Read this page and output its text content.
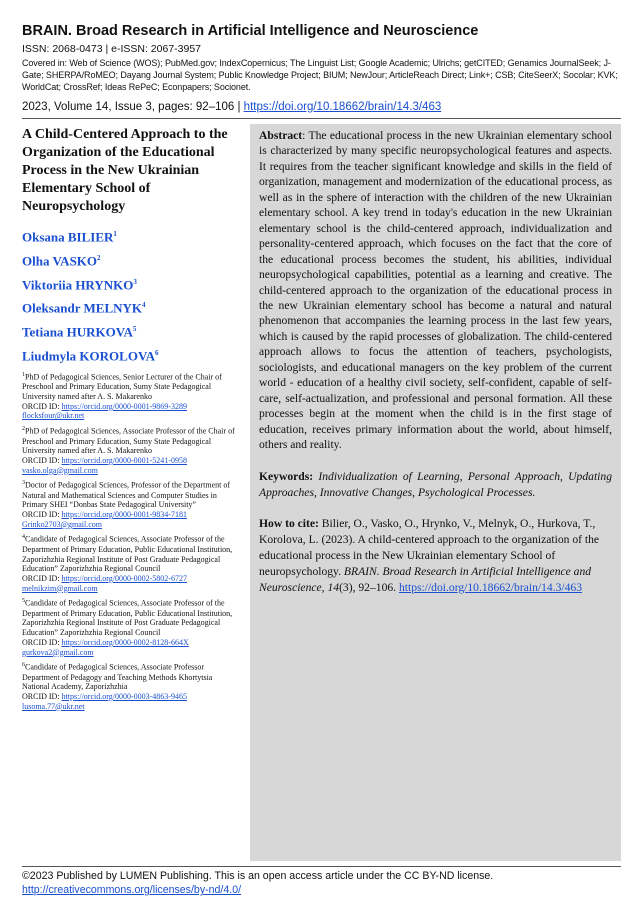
BRAIN. Broad Research in Artificial Intelligence and Neuroscience
ISSN: 2068-0473 | e-ISSN: 2067-3957
Covered in: Web of Science (WOS); PubMed.gov; IndexCopernicus; The Linguist List; Google Academic; Ulrichs; getCITED; Genamics JournalSeek; J-Gate; SHERPA/RoMEO; Dayang Journal System; Public Knowledge Project; BIUM; NewJour; ArticleReach Direct; Link+; CSB; CiteSeerX; Socolar; KVK; WorldCat; CrossRef; Ideas RePeC; Econpapers; Socionet.
2023, Volume 14, Issue 3, pages: 92–106 | https://doi.org/10.18662/brain/14.3/463
A Child-Centered Approach to the Organization of the Educational Process in the New Ukrainian Elementary School of Neuropsychology
Oksana BILIER$^1$
Olha VASKO$^2$
Viktoriia HRYNKO$^3$
Oleksandr MELNYK$^4$
Tetiana HURKOVA$^5$
Liudmyla KOROLOVA$^6$
$^1$PhD of Pedagogical Sciences, Senior Lecturer of the Chair of Preschool and Primary Education, Sumy State Pedagogical University named after A. S. Makarenko
ORCID ID: https://orcid.org/0000-0001-9869-3289
flocksfour@ukr.net
$^2$PhD of Pedagogical Sciences, Associate Professor of the Chair of Preschool and Primary Education, Sumy State Pedagogical University named after A. S. Makarenko
ORCID ID: https://orcid.org/0000-0001-5241-0958
vasko.olga@gmail.com
$^3$Doctor of Pedagogical Sciences, Professor of the Department of Natural and Mathematical Sciences and Computer Studies in Primary SHEI “Donbas State Pedagogical University”
ORCID ID: https://orcid.org/0000-0001-9834-7181
Grinko2703@gmail.com
$^4$Candidate of Pedagogical Sciences, Associate Professor of the Department of Primary Education, Public Educational Institution, Zaporizhzhia Regional Institute of Post Graduate Pedagogical Education” Zaporizhzhia Regional Council
ORCID ID: https://orcid.org/0000-0002-5802-6727
melnikzim@gmail.com
$^5$Candidate of Pedagogical Sciences, Associate Professor of the Department of Primary Education, Public Educational Institution, Zaporizhzhia Regional Institute of Post Graduate Pedagogical Education” Zaporizhzhia Regional Council
ORCID ID: https://orcid.org/0000-0002-8128-664X
gurkova2@gmail.com
$^6$Candidate of Pedagogical Sciences, Associate Professor Department of Pedagogy and Teaching Methods Khortytsia National Academy, Zaporizhzhia
ORCID ID: https://orcid.org/0000-0003-4863-9465
lusoma.77@ukr.net

Abstract: The educational process in the new Ukrainian elementary school is characterized by many specific neuropsychological features and aspects. It requires from the teacher significant knowledge and skills in the field of organization, management and modernization of the educational process, as well as in the sphere of interaction with the children of the new Ukrainian elementary school. A key trend in today's education in the new Ukrainian elementary school is the child-centered approach, individualization and personality-centered approach, which focuses on the fact that the core of the educational process becomes the student, his abilities, individual neuropsychological capabilities, potential as a learning and creative. The child-centered approach to the organization of the educational process in the new Ukrainian elementary school has become a natural and natural phenomenon that accompanies the learning process in the last few years, which is caused by the rapid processes of globalization. The child-centered approach allows to focus the attention of teachers, psychologists, sociologists, and educational managers on the key problem of the current world - education of a healthy civil society, self-confident, capable of self-care, self-actualization, and professional and personal formation. All these processes begin at the moment when the child is in the first stage of education, receives primary information about the world, about himself, others and reality.

Keywords: Individualization of Learning, Personal Approach, Updating Approaches, Innovative Changes, Psychological Processes.
How to cite: Bilier, O., Vasko, O., Hrynko, V., Melnyk, O., Hurkova, T., Korolova, L. (2023). A child-centered approach to the organization of the educational process in the New Ukrainian elementary School of neuropsychology. BRAIN. Broad Research in Artificial Intelligence and Neuroscience, 14(3), 92–106. https://doi.org/10.18662/brain/14.3/463
©2023 Published by LUMEN Publishing. This is an open access article under the CC BY-ND license.
http://creativecommons.org/licenses/by-nd/4.0/
